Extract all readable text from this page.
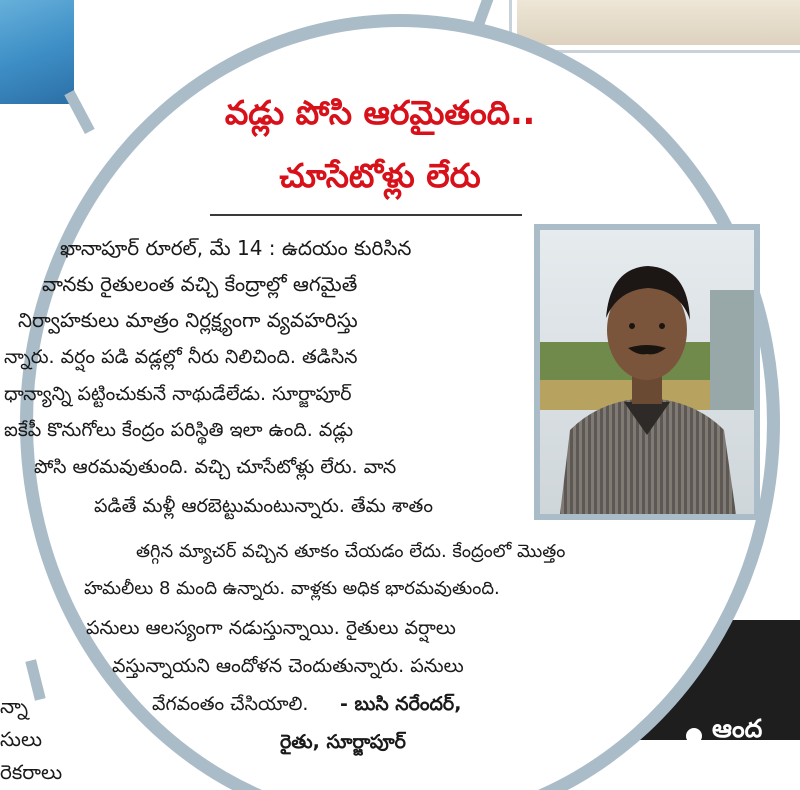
ఆంద
న్నా
సులు
రెకరాలు
వడ్లు పోసి ఆరమైతంది..
చూసేటోళ్లు లేరు
ఖానాపూర్ రూరల్, మే 14 : ఉదయం కురిసిన
వానకు రైతులంత వచ్చి కేంద్రాల్లో ఆగమైతే
నిర్వాహకులు మాత్రం నిర్లక్ష్యంగా వ్యవహరిస్తు
న్నారు. వర్షం పడి వడ్లల్లో నీరు నిలిచింది. తడిసిన
ధాన్యాన్ని పట్టించుకునే నాథుడేలేడు. సూర్జాపూర్
ఐకేపీ కొనుగోలు కేంద్రం పరిస్థితి ఇలా ఉంది. వడ్లు
పోసి ఆరమవుతుంది. వచ్చి చూసేటోళ్లు లేరు. వాన
పడితే మళ్లీ ఆరబెట్టుమంటున్నారు. తేమ శాతం
తగ్గిన మ్యాచర్ వచ్చిన తూకం చేయడం లేదు. కేంద్రంలో మొత్తం
హమలీలు 8 మంది ఉన్నారు. వాళ్లకు అధిక భారమవుతుంది.
పనులు ఆలస్యంగా నడుస్తున్నాయి. రైతులు వర్షాలు
వస్తున్నాయని ఆందోళన చెందుతున్నారు. పనులు
వేగవంతం చేసియాలి. - బుసి నరేందర్,
రైతు, సూర్జాపూర్
